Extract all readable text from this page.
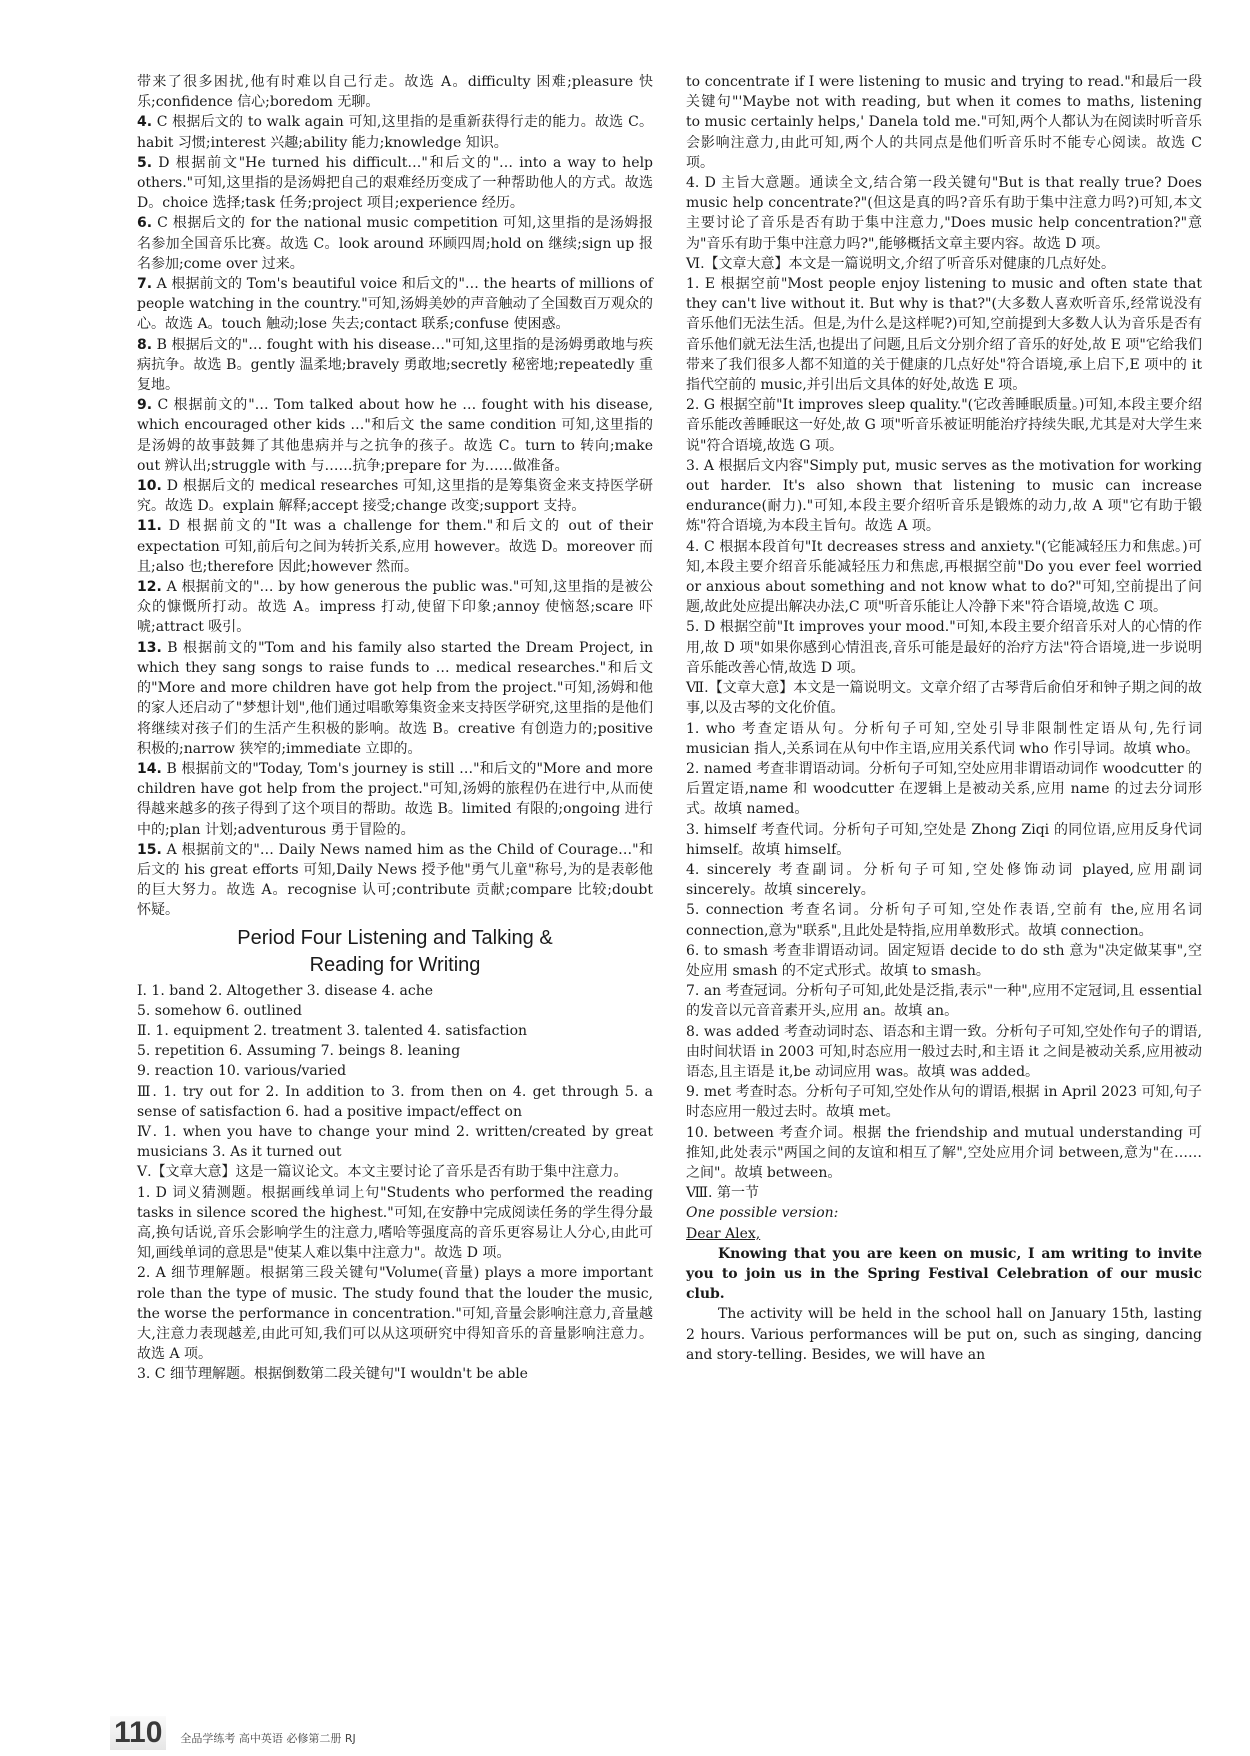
带来了很多困扰,他有时难以自己行走。故选 A。difficulty 困难;pleasure 快乐;confidence 信心;boredom 无聊。

4. C 根据后文的 to walk again 可知,这里指的是重新获得行走的能力。故选 C。habit 习惯;interest 兴趣;ability 能力;knowledge 知识。

5. D 根据前文"He turned his difficult…"和后文的"… into a way to help others."可知,这里指的是汤姆把自己的艰难经历变成了一种帮助他人的方式。故选 D。choice 选择;task 任务;project 项目;experience 经历。

6. C 根据后文的 for the national music competition 可知,这里指的是汤姆报名参加全国音乐比赛。故选 C。look around 环顾四周;hold on 继续;sign up 报名参加;come over 过来。

7. A 根据前文的 Tom's beautiful voice 和后文的"… the hearts of millions of people watching in the country."可知,汤姆美妙的声音触动了全国数百万观众的心。故选 A。touch 触动;lose 失去;contact 联系;confuse 使困惑。

8. B 根据后文的"… fought with his disease…"可知,这里指的是汤姆勇敢地与疾病抗争。故选 B。gently 温柔地;bravely 勇敢地;secretly 秘密地;repeatedly 重复地。

9. C 根据前文的"… Tom talked about how he … fought with his disease, which encouraged other kids …"和后文 the same condition 可知,这里指的是汤姆的故事鼓舞了其他患病并与之抗争的孩子。故选 C。turn to 转向;make out 辨认出;struggle with 与……抗争;prepare for 为……做准备。

10. D 根据后文的 medical researches 可知,这里指的是筹集资金来支持医学研究。故选 D。explain 解释;accept 接受;change 改变;support 支持。

11. D 根据前文的"It was a challenge for them."和后文的 out of their expectation 可知,前后句之间为转折关系,应用 however。故选 D。moreover 而且;also 也;therefore 因此;however 然而。

12. A 根据前文的"… by how generous the public was."可知,这里指的是被公众的慷慨所打动。故选 A。impress 打动,使留下印象;annoy 使恼怒;scare 吓唬;attract 吸引。

13. B 根据前文的"Tom and his family also started the Dream Project, in which they sang songs to raise funds to … medical researches."和后文的"More and more children have got help from the project."可知,汤姆和他的家人还启动了"梦想计划",他们通过唱歌筹集资金来支持医学研究,这里指的是他们将继续对孩子们的生活产生积极的影响。故选 B。creative 有创造力的;positive 积极的;narrow 狭窄的;immediate 立即的。

14. B 根据前文的"Today, Tom's journey is still …"和后文的"More and more children have got help from the project."可知,汤姆的旅程仍在进行中,从而使得越来越多的孩子得到了这个项目的帮助。故选 B。limited 有限的;ongoing 进行中的;plan 计划;adventurous 勇于冒险的。

15. A 根据前文的"… Daily News named him as the Child of Courage…"和后文的 his great efforts 可知,Daily News 授予他"勇气儿童"称号,为的是表彰他的巨大努力。故选 A。recognise 认可;contribute 贡献;compare 比较;doubt 怀疑。

Period Four Listening and Talking &
Reading for Writing

Ⅰ. 1. band 2. Altogether 3. disease 4. ache

5. somehow 6. outlined

Ⅱ. 1. equipment 2. treatment 3. talented 4. satisfaction

5. repetition 6. Assuming 7. beings 8. leaning

9. reaction 10. various/varied

Ⅲ. 1. try out for 2. In addition to 3. from then on 4. get through 5. a sense of satisfaction 6. had a positive impact/effect on

Ⅳ. 1. when you have to change your mind 2. written/created by great musicians 3. As it turned out

Ⅴ.【文章大意】这是一篇议论文。本文主要讨论了音乐是否有助于集中注意力。

1. D 词义猜测题。根据画线单词上句"Students who performed the reading tasks in silence scored the highest."可知,在安静中完成阅读任务的学生得分最高,换句话说,音乐会影响学生的注意力,嗜哈等强度高的音乐更容易让人分心,由此可知,画线单词的意思是"使某人难以集中注意力"。故选 D 项。

2. A 细节理解题。根据第三段关键句"Volume(音量) plays a more important role than the type of music. The study found that the louder the music, the worse the performance in concentration."可知,音量会影响注意力,音量越大,注意力表现越差,由此可知,我们可以从这项研究中得知音乐的音量影响注意力。故选 A 项。

3. C 细节理解题。根据倒数第二段关键句"I wouldn't be able

to concentrate if I were listening to music and trying to read."和最后一段关键句"'Maybe not with reading, but when it comes to maths, listening to music certainly helps,' Danela told me."可知,两个人都认为在阅读时听音乐会影响注意力,由此可知,两个人的共同点是他们听音乐时不能专心阅读。故选 C 项。

4. D 主旨大意题。通读全文,结合第一段关键句"But is that really true? Does music help concentrate?"(但这是真的吗?音乐有助于集中注意力吗?)可知,本文主要讨论了音乐是否有助于集中注意力,"Does music help concentration?"意为"音乐有助于集中注意力吗?",能够概括文章主要内容。故选 D 项。

Ⅵ.【文章大意】本文是一篇说明文,介绍了听音乐对健康的几点好处。

1. E 根据空前"Most people enjoy listening to music and often state that they can't live without it. But why is that?"(大多数人喜欢听音乐,经常说没有音乐他们无法生活。但是,为什么是这样呢?)可知,空前提到大多数人认为音乐是否有音乐他们就无法生活,也提出了问题,且后文分别介绍了音乐的好处,故 E 项"它给我们带来了我们很多人都不知道的关于健康的几点好处"符合语境,承上启下,E 项中的 it 指代空前的 music,并引出后文具体的好处,故选 E 项。

2. G 根据空前"It improves sleep quality."(它改善睡眠质量。)可知,本段主要介绍音乐能改善睡眠这一好处,故 G 项"听音乐被证明能治疗持续失眠,尤其是对大学生来说"符合语境,故选 G 项。

3. A 根据后文内容"Simply put, music serves as the motivation for working out harder. It's also shown that listening to music can increase endurance(耐力)."可知,本段主要介绍听音乐是锻炼的动力,故 A 项"它有助于锻炼"符合语境,为本段主旨句。故选 A 项。

4. C 根据本段首句"It decreases stress and anxiety."(它能减轻压力和焦虑。)可知,本段主要介绍音乐能减轻压力和焦虑,再根据空前"Do you ever feel worried or anxious about something and not know what to do?"可知,空前提出了问题,故此处应提出解决办法,C 项"听音乐能让人冷静下来"符合语境,故选 C 项。

5. D 根据空前"It improves your mood."可知,本段主要介绍音乐对人的心情的作用,故 D 项"如果你感到心情沮丧,音乐可能是最好的治疗方法"符合语境,进一步说明音乐能改善心情,故选 D 项。

Ⅶ.【文章大意】本文是一篇说明文。文章介绍了古琴背后俞伯牙和钟子期之间的故事,以及古琴的文化价值。

1. who 考查定语从句。分析句子可知,空处引导非限制性定语从句,先行词 musician 指人,关系词在从句中作主语,应用关系代词 who 作引导词。故填 who。

2. named 考查非谓语动词。分析句子可知,空处应用非谓语动词作 woodcutter 的后置定语,name 和 woodcutter 在逻辑上是被动关系,应用 name 的过去分词形式。故填 named。

3. himself 考查代词。分析句子可知,空处是 Zhong Ziqi 的同位语,应用反身代词 himself。故填 himself。

4. sincerely 考查副词。分析句子可知,空处修饰动词 played,应用副词 sincerely。故填 sincerely。

5. connection 考查名词。分析句子可知,空处作表语,空前有 the,应用名词 connection,意为"联系",且此处是特指,应用单数形式。故填 connection。

6. to smash 考查非谓语动词。固定短语 decide to do sth 意为"决定做某事",空处应用 smash 的不定式形式。故填 to smash。

7. an 考查冠词。分析句子可知,此处是泛指,表示"一种",应用不定冠词,且 essential 的发音以元音音素开头,应用 an。故填 an。

8. was added 考查动词时态、语态和主谓一致。分析句子可知,空处作句子的谓语,由时间状语 in 2003 可知,时态应用一般过去时,和主语 it 之间是被动关系,应用被动语态,且主语是 it,be 动词应用 was。故填 was added。

9. met 考查时态。分析句子可知,空处作从句的谓语,根据 in April 2023 可知,句子时态应用一般过去时。故填 met。

10. between 考查介词。根据 the friendship and mutual understanding 可推知,此处表示"两国之间的友谊和相互了解",空处应用介词 between,意为"在……之间"。故填 between。

Ⅷ. 第一节

One possible version:

Dear Alex,

Knowing that you are keen on music, I am writing to invite you to join us in the Spring Festival Celebration of our music club.

The activity will be held in the school hall on January 15th, lasting 2 hours. Various performances will be put on, such as singing, dancing and story-telling. Besides, we will have an

110	全品学练考 高中英语 必修第二册 RJ
